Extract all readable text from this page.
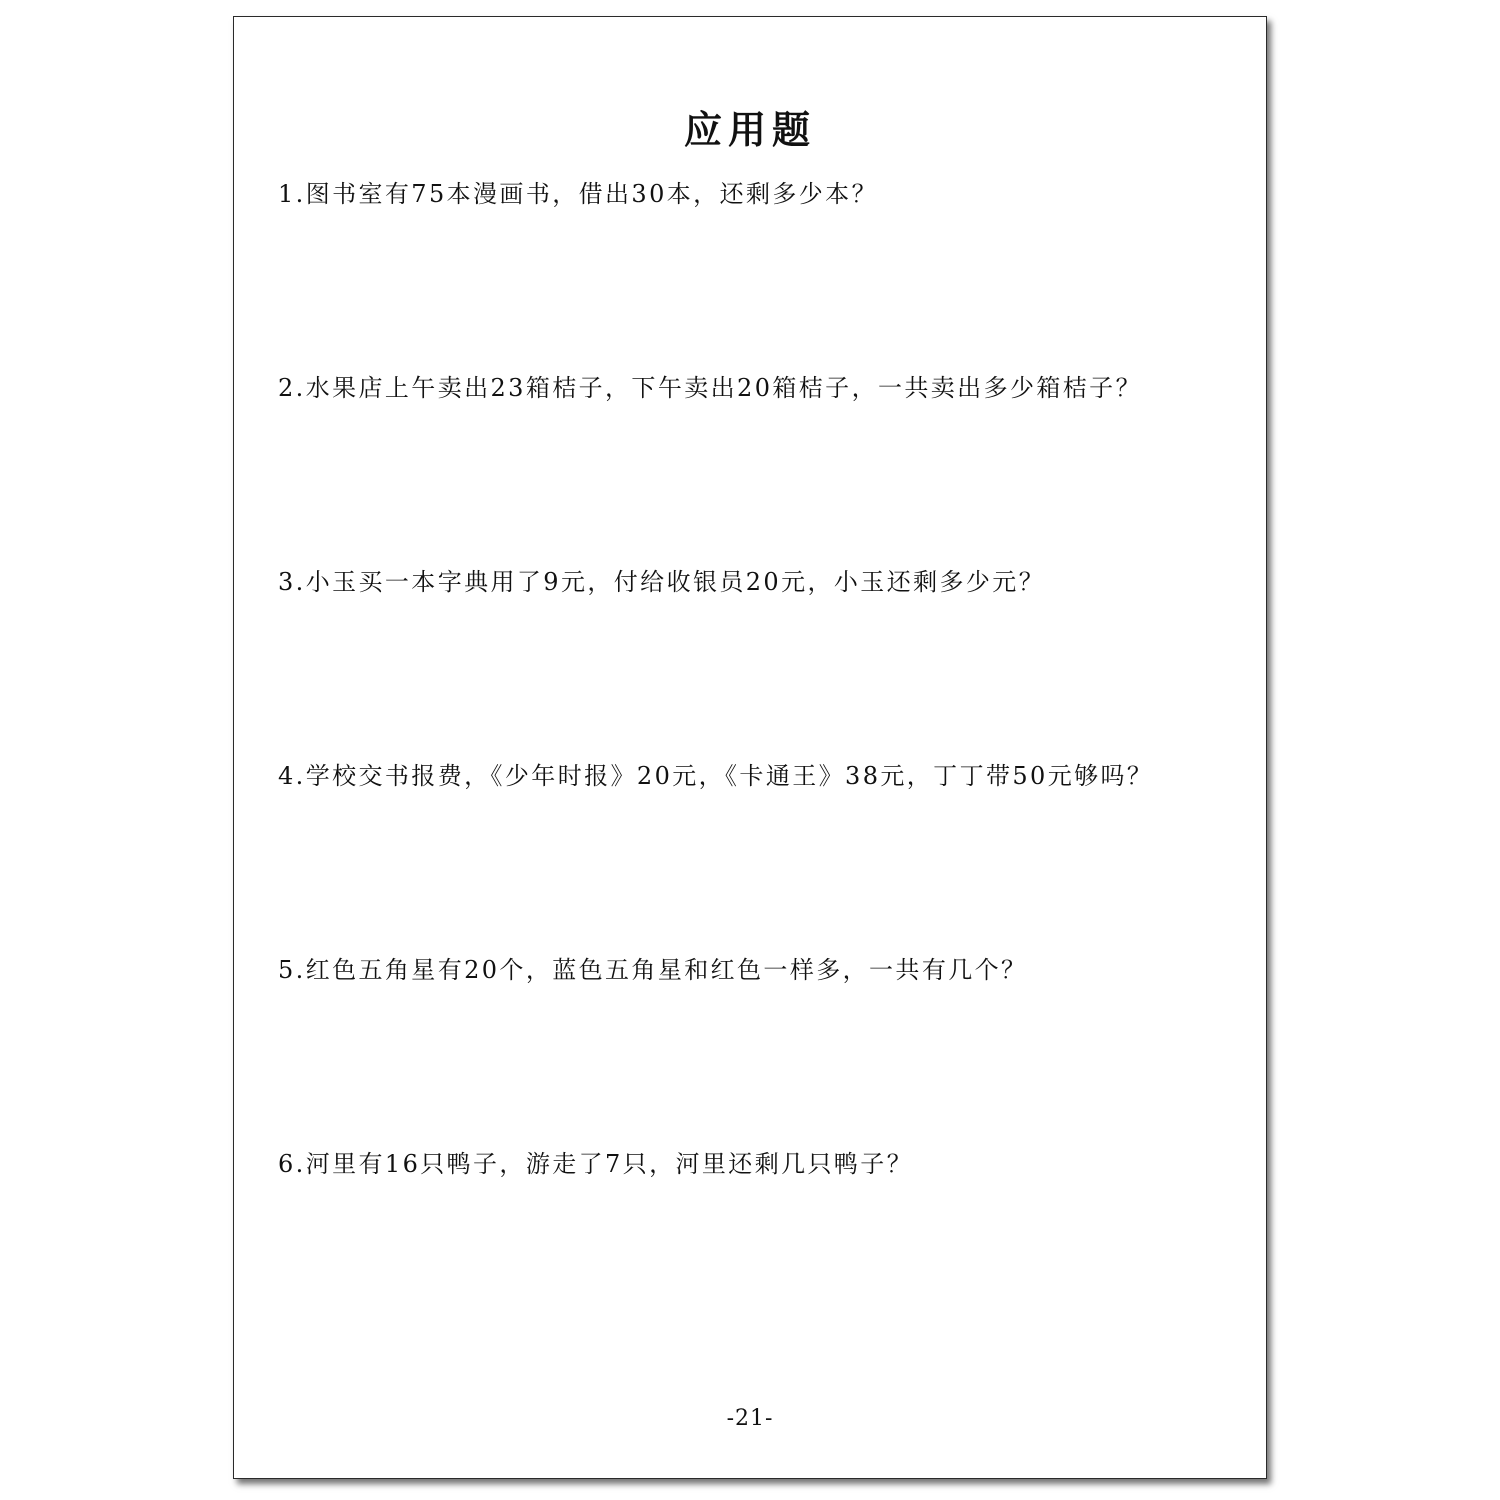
应用题
1.图书室有75本漫画书，借出30本，还剩多少本？
2.水果店上午卖出23箱桔子，下午卖出20箱桔子，一共卖出多少箱桔子？
3.小玉买一本字典用了9元，付给收银员20元，小玉还剩多少元？
4.学校交书报费，《少年时报》20元，《卡通王》38元，丁丁带50元够吗？
5.红色五角星有20个，蓝色五角星和红色一样多，一共有几个？
6.河里有16只鸭子，游走了7只，河里还剩几只鸭子？
-21-
